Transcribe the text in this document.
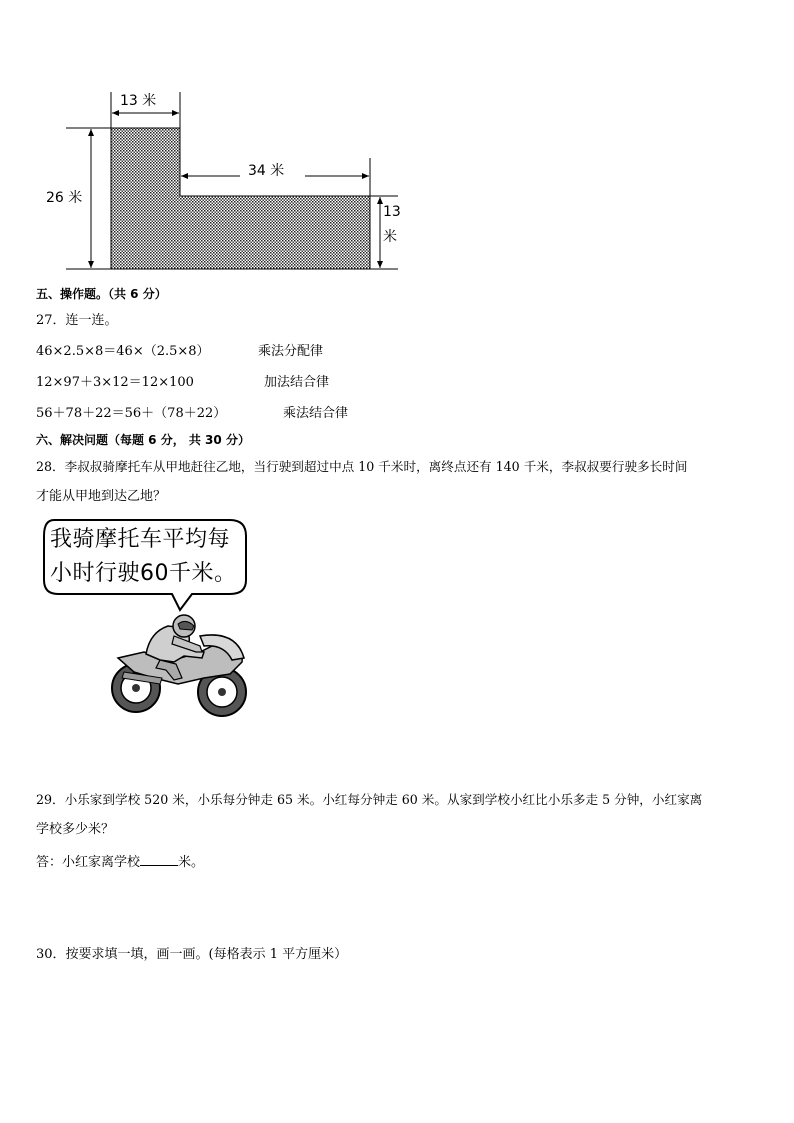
13 米
34 米
26 米
13
米
五、操作题。（共 6 分）
27．连一连。
46×2.5×8＝46×（2.5×8）	乘法分配律
12×97＋3×12＝12×100	加法结合律
56＋78＋22＝56＋（78＋22）	乘法结合律
六、解决问题（每题 6 分， 共 30 分）
28．李叔叔骑摩托车从甲地赶往乙地，当行驶到超过中点 10 千米时，离终点还有 140 千米，李叔叔要行驶多长时间
才能从甲地到达乙地？
我骑摩托车平均每
小时行驶60千米。
29．小乐家到学校 520 米，小乐每分钟走 65 米。小红每分钟走 60 米。从家到学校小红比小乐多走 5 分钟，小红家离
学校多少米？
答：小红家离学校	米。
30．按要求填一填，画一画。(每格表示 1 平方厘米）
